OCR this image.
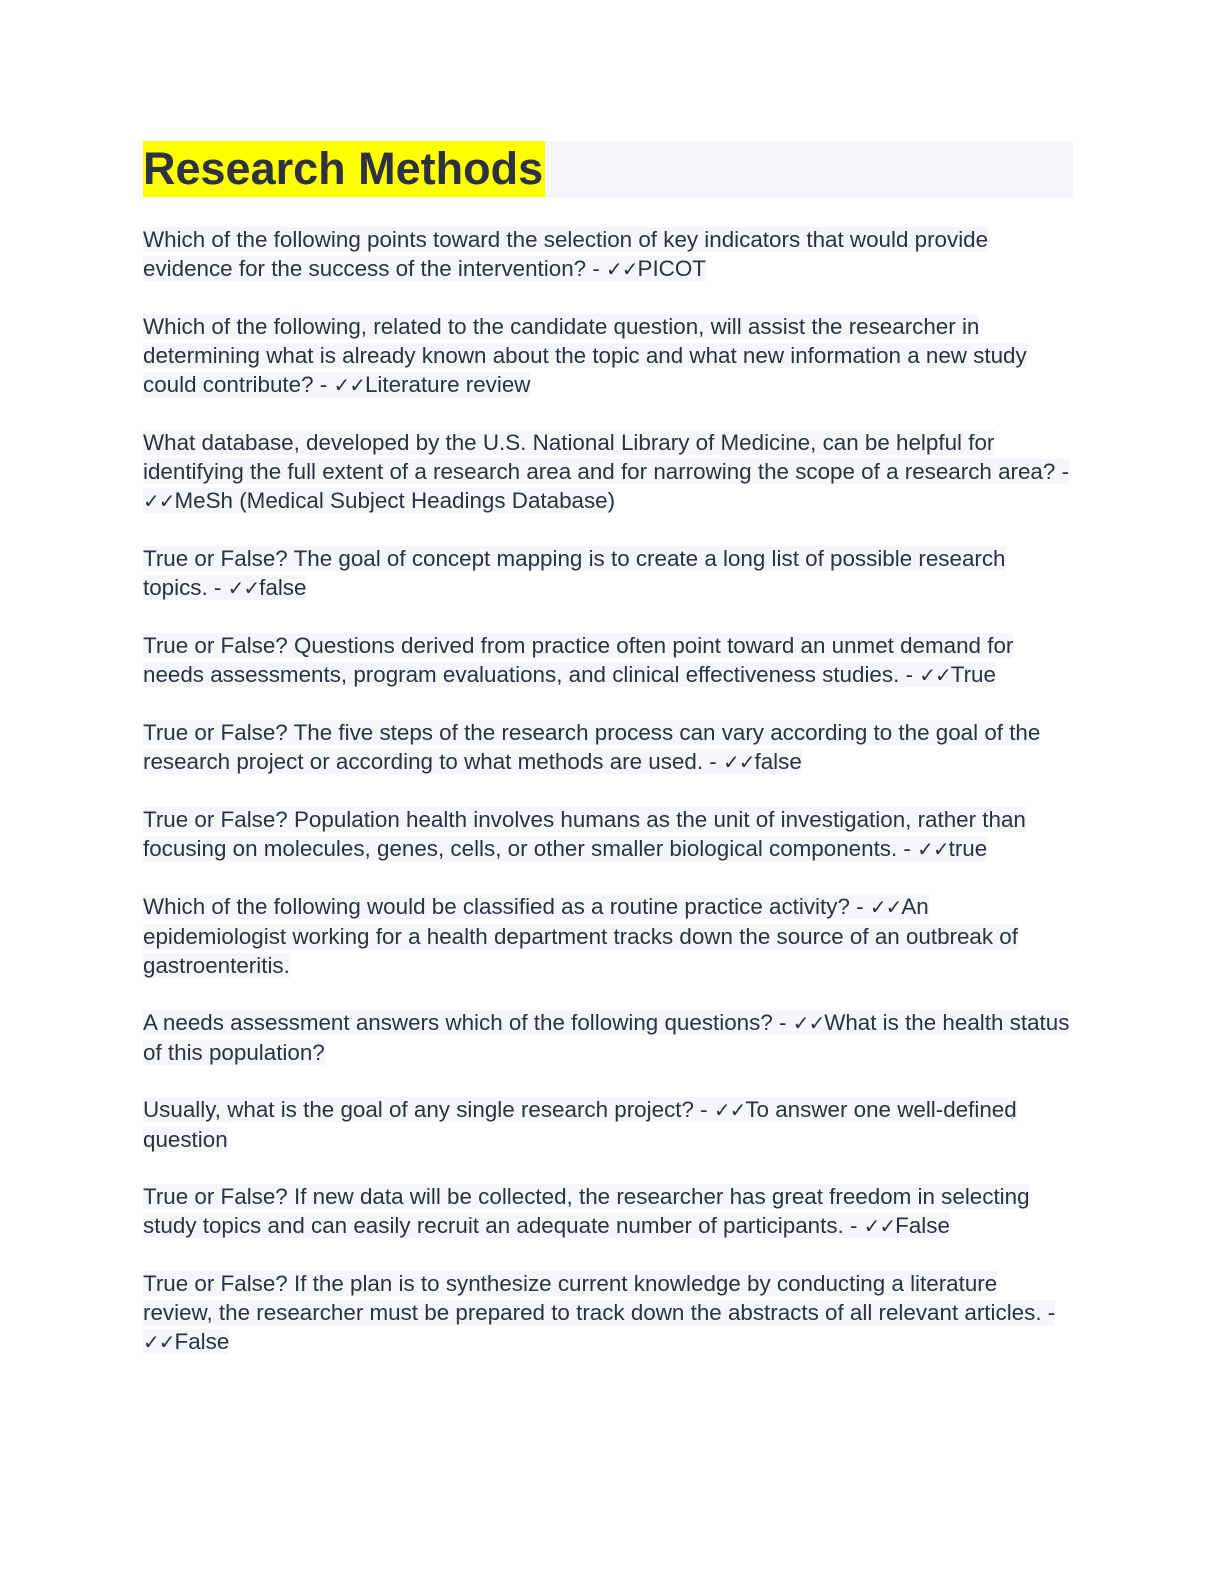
Research Methods

Which of the following points toward the selection of key indicators that would provide evidence for the success of the intervention? - ✓✓PICOT

Which of the following, related to the candidate question, will assist the researcher in determining what is already known about the topic and what new information a new study could contribute? - ✓✓Literature review

What database, developed by the U.S. National Library of Medicine, can be helpful for identifying the full extent of a research area and for narrowing the scope of a research area? - ✓✓MeSh (Medical Subject Headings Database)

True or False? The goal of concept mapping is to create a long list of possible research topics. - ✓✓false

True or False? Questions derived from practice often point toward an unmet demand for needs assessments, program evaluations, and clinical effectiveness studies. - ✓✓True

True or False? The five steps of the research process can vary according to the goal of the research project or according to what methods are used. - ✓✓false

True or False? Population health involves humans as the unit of investigation, rather than focusing on molecules, genes, cells, or other smaller biological components. - ✓✓true

Which of the following would be classified as a routine practice activity? - ✓✓An epidemiologist working for a health department tracks down the source of an outbreak of gastroenteritis.

A needs assessment answers which of the following questions? - ✓✓What is the health status of this population?

Usually, what is the goal of any single research project? - ✓✓To answer one well-defined question

True or False? If new data will be collected, the researcher has great freedom in selecting study topics and can easily recruit an adequate number of participants. - ✓✓False

True or False? If the plan is to synthesize current knowledge by conducting a literature review, the researcher must be prepared to track down the abstracts of all relevant articles. - ✓✓False
